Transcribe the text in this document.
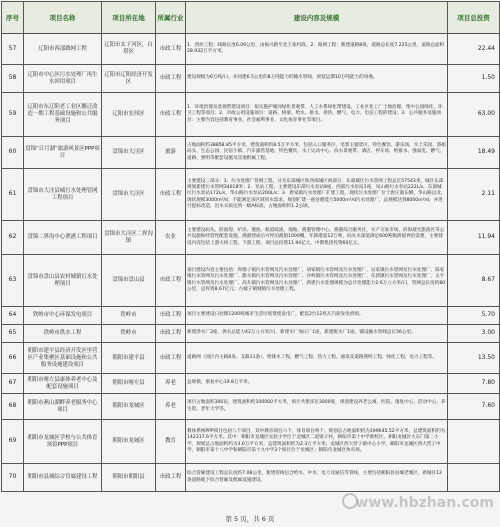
序号	项目名称	项目所在地	所属行业	建设内容及规模	项目总投资
57	辽阳市西部路网工程	辽阳市太子河区，白塔区	市政工程	1．西环工程：线路长度6.09公里，由振兴路至北王家村段。2．路网工程：新建道路8条，道路总长度7.225公里，道路总面积28.932万平方米。	22.44
58	辽阳市中心区污水处理厂再生水回用项目	辽阳市辽阳经济开发区	市政工程	建设规模为6万吨/日，并同建6.5公里的8万吨能力的输水管线，预留远期10万吨能力的用地。	1.50
59	辽阳市东辽阳老工业区搬迁改造一期工程基础设施和公共服务项目	辽阳市宏伟区	市政工程	1．环境治理及景观带建设项目：拟实施护城河绿化景观带、人工水系绿化带建设、工业区化工厂土地治理、集中公园绿化、环卫工程等项目；2．市政公用设施项目：道路、桥梁、给水、排水、供热、燃气、电力、电信工程的建设；3．公共服务设施项目：主要内容包括教育事业、社会福利事业、文化体育事业等项目。	63.00
60	盘锦“日月湖”旅游风景区PPP项目	盘锦市大洼区	旅游	占地面积约38858.85平方米，建筑面积约8.5万平方米，包括入口服务区、电影主题景区、特色餐饮、游乐场、水上乐园、游船码头、生态公园、民宿小镇、汽车露营基地、特色餐饮、水上运动中心、滨水景观带、酒店、停车场、给排水、强弱电、燃气、道路、照明等配套设施及其他附属工程。	18.49
61	盘锦市大洼县城污水处理管网工程项目	盘锦市大洼区	市政工程	主要建设三部分：1．污水处理厂管网工程，分为东部城区和西部城区两部分，东部城区污水管网工程总长57543米，城区东部规划新建污水管网34018米；2．泵站工程，主要建设东部污水泵站8座，西部污水泵站1座，凤山路污水泵站222L/s，东部城区污水泵站172L/s，华山路污水泵站200L/s；3．唐家镇污水处理厂扩建工程，现状污水处理厂位于唐庄镇东侧，华山路以北，现状规模3000m³/d，不能满足该区域用水需求，规划扩建一座处理能力5000m³/d污水处理厂，总规模达到8000m³/d，并进行提标改造，出水水质达到一级A标准，占地面积约1.2公顷。	2.11
62	盘锦二界沟中心渔港工程项目	盘锦市大洼区二界沟镇	农业	主要建设码头、防波堤、护岸、港池、航道疏浚、锚地、渔港管理中心、渔港综合服务区、水产交易市场、滨海观光旅游区等公共设施和经营性配套设施，渔港建成后可停泊渔船1000艘，年卸港量12万吨，码头水深能满足600吨级渔船停泊需要，主要建设内容包括上游大坝工程、下游工程、项目总投资11.94亿元，中期集团投资60亿元。	11.94
63	盘锦市盘山县农村城镇污水处理项目	盘锦市盘山县	市政工程	项目建设内容主要包括：坝墙子镇污水管网及污水处理厂、胡家镇污水管网及污水处理厂、吴家镇污水管网及污水处理厂、陈家镇污水管网及污水处理厂、甜水镇污水管网及污水处理厂、沙岭镇污水管网及污水处理厂、东郭镇污水管网及污水处理厂、太平镇污水管网及污水处理厂、高升镇污水管网及污水处理厂，新建污水处理规模为总计处理能力2.6万立方米/日，管网总长度约80公里，总投资8.67亿元；古城子镇城镇污水处理工程。	8.67
64	铁岭市中心环保发电项目	铁岭市	市政工程	项目主要建设日处理1200吨城市生活垃圾焚烧发电厂，配套2台12兆瓦汽轮发电机组。	5.70
65	铁岭市供水工程	铁岭市	市政工程	新建净水厂2座，供水总能力42万立方米/日，新建水厂加压厂1座，新建配水厂1座，铺设输水管线总长56公里。	3.00
66	朝阳市建平县经济开发区里营区产业集聚区基础设施和公共服务设施建设项目	朝阳市建平县	市政工程	道路网（园区内主路6条、支路11条）、给排水工程、燃气工程、热力工程、通讯及道路照明工程、绿化工程、电力工程等。	13.50
67	朝阳市喀左县康体养老中心及配套设施项目	朝阳市喀左县	养老	总规模，康复中心19.8万平米。	7.80
68	朝阳市燕山湖畔养老服务中心项目	朝阳市龙城区	养老	项目占地面积300亩，建筑面积约100000平方米，预计共建床位3000张，规划建设养老公寓、医院、康复中心、活动中心、养生馆、老年大学等。	7.60
69	朝阳市龙城区学校与公共体育场馆PPP项目	朝阳市龙城区	教育	教体系统PPP项目包括八个项目，其中教育项目六个，体育项目两个。规划总占地面积约为199645.52平方米，总建筑面积约为142317.6平方米。其中：朝阳市龙城区实验小学位于龙城区二道梁子村，朝阳市第十中学新校区、朝阳龙城区大东门第二小学、规划总占地面积约为3.6万平方米，总建筑面积约为2.3万平方米；龙城区西大营子镇中心小学、朝阳市龙城区西大营子中学、朝阳市第十八中学和朝阳市第十九中学3个项目位于龙城区；朝阳市龙城区体育场。	
70	朝阳市县城综合管廊建设工程	朝阳市朝阳县	市政工程	综合管廊建设工程总长度约7.08公里，新建管线包含给水、中水、电力及通信等管线，主要包括朝阳县县城老城区，新城区12条道路地下综合管廊及附属设施建设。	
www.hbzhan.com
第 5 页，共 6 页
